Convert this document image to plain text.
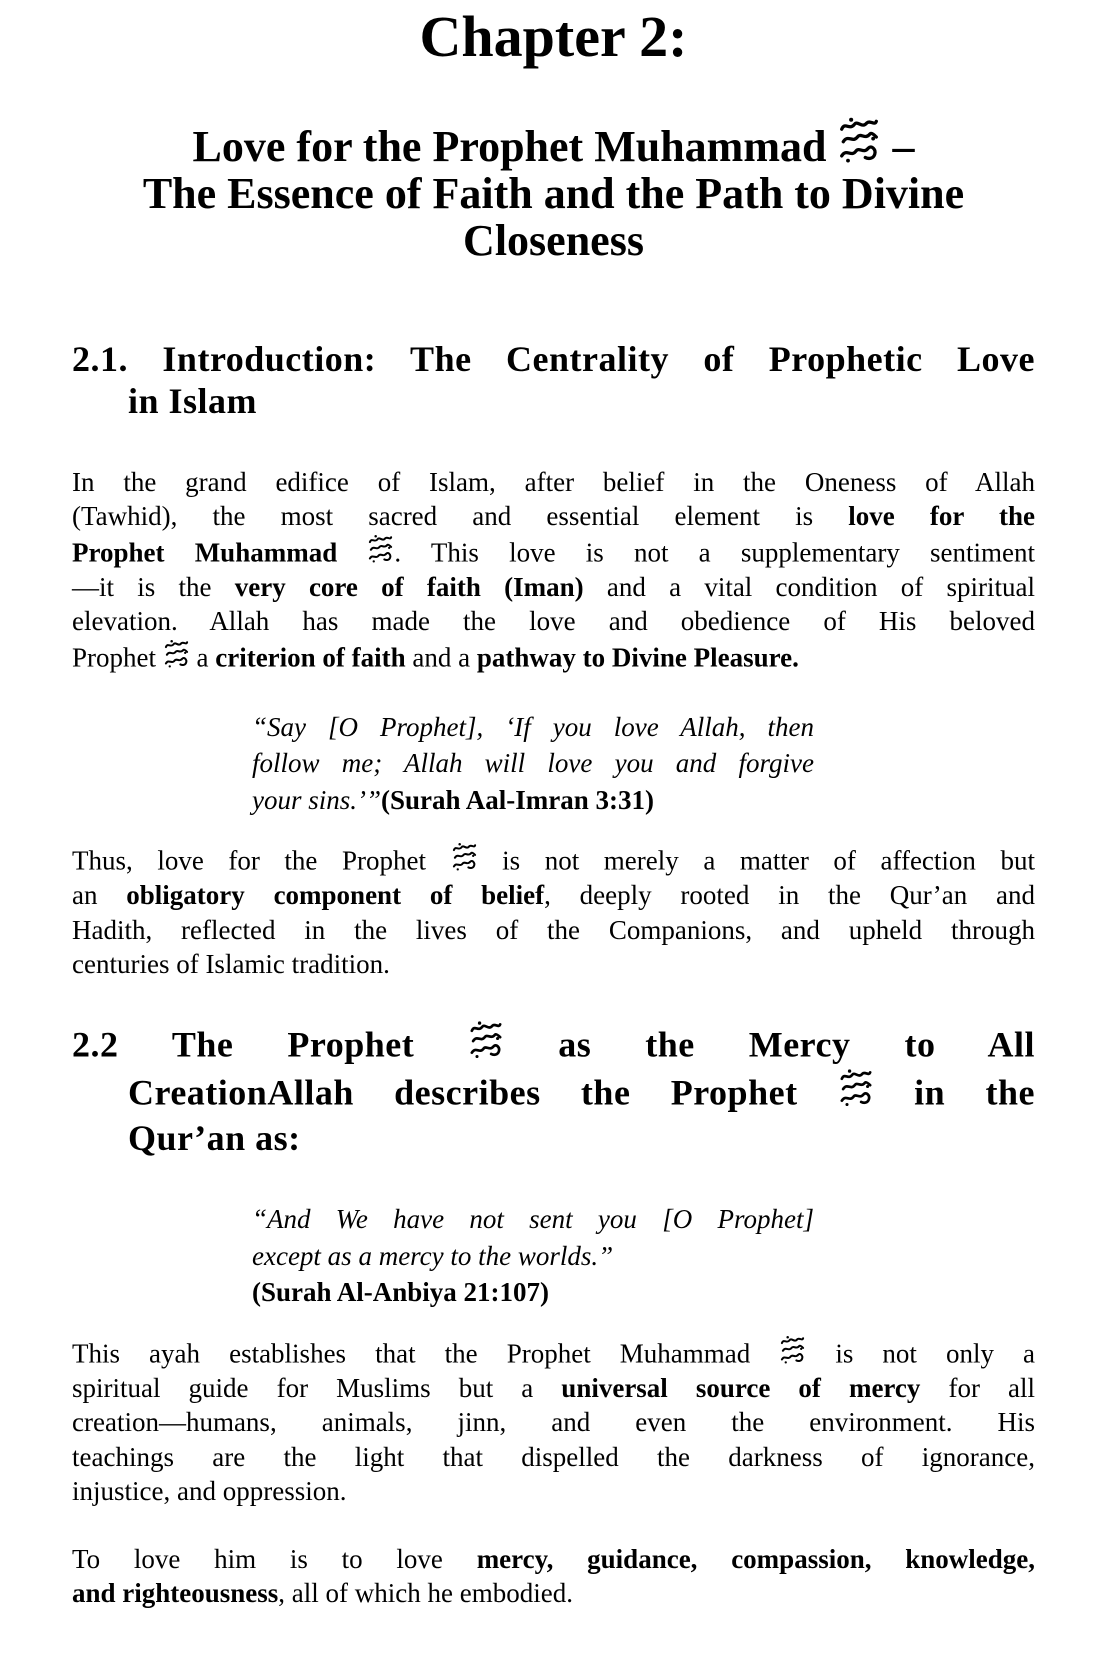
Chapter 2:
Love for the Prophet Muhammad
–
The Essence of Faith and the Path to Divine
Closeness
2.1. Introduction: The Centrality of Prophetic Love
in Islam
In the grand edifice of Islam, after belief in the Oneness of Allah
(Tawhid), the most sacred and essential element is love for the
Prophet Muhammad
. This love is not a supplementary sentiment
—it is the very core of faith (Iman) and a vital condition of spiritual
elevation. Allah has made the love and obedience of His beloved
Prophet
a criterion of faith and a pathway to Divine Pleasure.
“Say [O Prophet], ‘If you love Allah, then
follow me; Allah will love you and forgive
your sins.’”(Surah Aal-Imran 3:31)
Thus, love for the Prophet
is not merely a matter of affection but
an obligatory component of belief, deeply rooted in the Qur’an and
Hadith, reflected in the lives of the Companions, and upheld through
centuries of Islamic tradition.
2.2 The Prophet
as the Mercy to All
CreationAllah describes the Prophet
in the
Qur’an as:
“And We have not sent you [O Prophet]
except as a mercy to the worlds.”
(Surah Al-Anbiya 21:107)
This ayah establishes that the Prophet Muhammad
is not only a
spiritual guide for Muslims but a universal source of mercy for all
creation—humans, animals, jinn, and even the environment. His
teachings are the light that dispelled the darkness of ignorance,
injustice, and oppression.
To love him is to love mercy, guidance, compassion, knowledge,
and righteousness, all of which he embodied.
